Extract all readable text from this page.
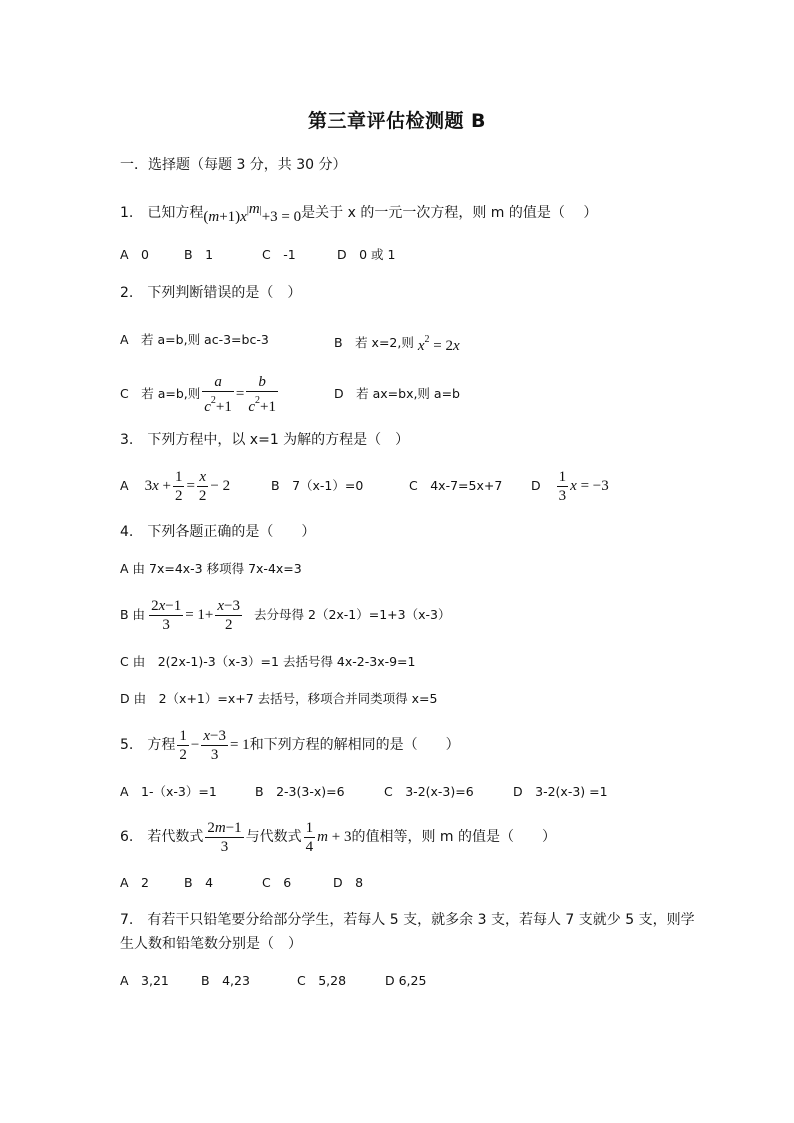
第三章评估检测题 B
一．选择题（每题 3 分，共 30 分）
1. 已知方程 $(m+1)x^{|m|}+3 = 0$ 是关于 x 的一元一次方程，则 m 的值是（　 ）
A　0	B　1	C　-1	D　0 或 1
2.　下列判断错误的是（　）
A　若 a=b,则 ac-3=bc-3	B　若 x=2,则 $x^2 = 2x$
C　若 a=b,则 $\frac{a}{c^2+1} = \frac{b}{c^2+1}$	D　若 ax=bx,则 a=b
3.　下列方程中，以 x=1 为解的方程是（　）
A 3 $x + \frac{1}{2} = \frac{x}{2} - 2$	B　7（x-1）=0	C　4x-7=5x+7 D $\frac{1}{3}$ x = −3
4.　下列各题正确的是（　　）
A 由 7x=4x-3 移项得 7x-4x=3
B 由 $\frac{2x-1}{3} = 1+ \frac{x-3}{2}$ 去分母得 2（2x-1）=1+3（x-3）
C 由　2(2x-1)-3（x-3）=1 去括号得 4x-2-3x-9=1
D 由　2（x+1）=x+7 去括号，移项合并同类项得 x=5
5.　方程 $\frac{1}{2} - \frac{x-3}{3} = 1$ 和下列方程的解相同的是（　　）
A　1-（x-3）=1	B　2-3(3-x)=6	C　3-2(x-3)=6	D　3-2(x-3) =1
6.　若代数式 $\frac{2m-1}{3}$ 与代数式 $\frac{1}{4}$ m + 3 的值相等，则 m 的值是（　　）
A　2	B　4	C　6	D　8
7.　有若干只铅笔要分给部分学生，若每人 5 支，就多余 3 支，若每人 7 支就少 5 支，则学
生人数和铅笔数分别是（　）
A　3,21	B　4,23	C　5,28	D 6,25
